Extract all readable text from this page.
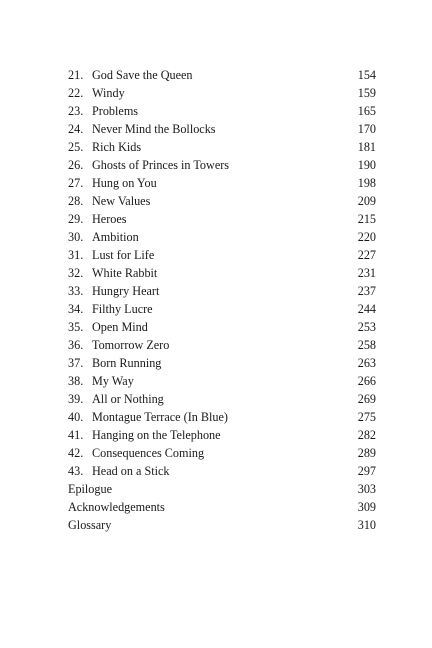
21. God Save the Queen	154
22. Windy	159
23. Problems	165
24. Never Mind the Bollocks	170
25. Rich Kids	181
26. Ghosts of Princes in Towers	190
27. Hung on You	198
28. New Values	209
29. Heroes	215
30. Ambition	220
31. Lust for Life	227
32. White Rabbit	231
33. Hungry Heart	237
34. Filthy Lucre	244
35. Open Mind	253
36. Tomorrow Zero	258
37. Born Running	263
38. My Way	266
39. All or Nothing	269
40. Montague Terrace (In Blue)	275
41. Hanging on the Telephone	282
42. Consequences Coming	289
43. Head on a Stick	297
Epilogue	303
Acknowledgements	309
Glossary	310
